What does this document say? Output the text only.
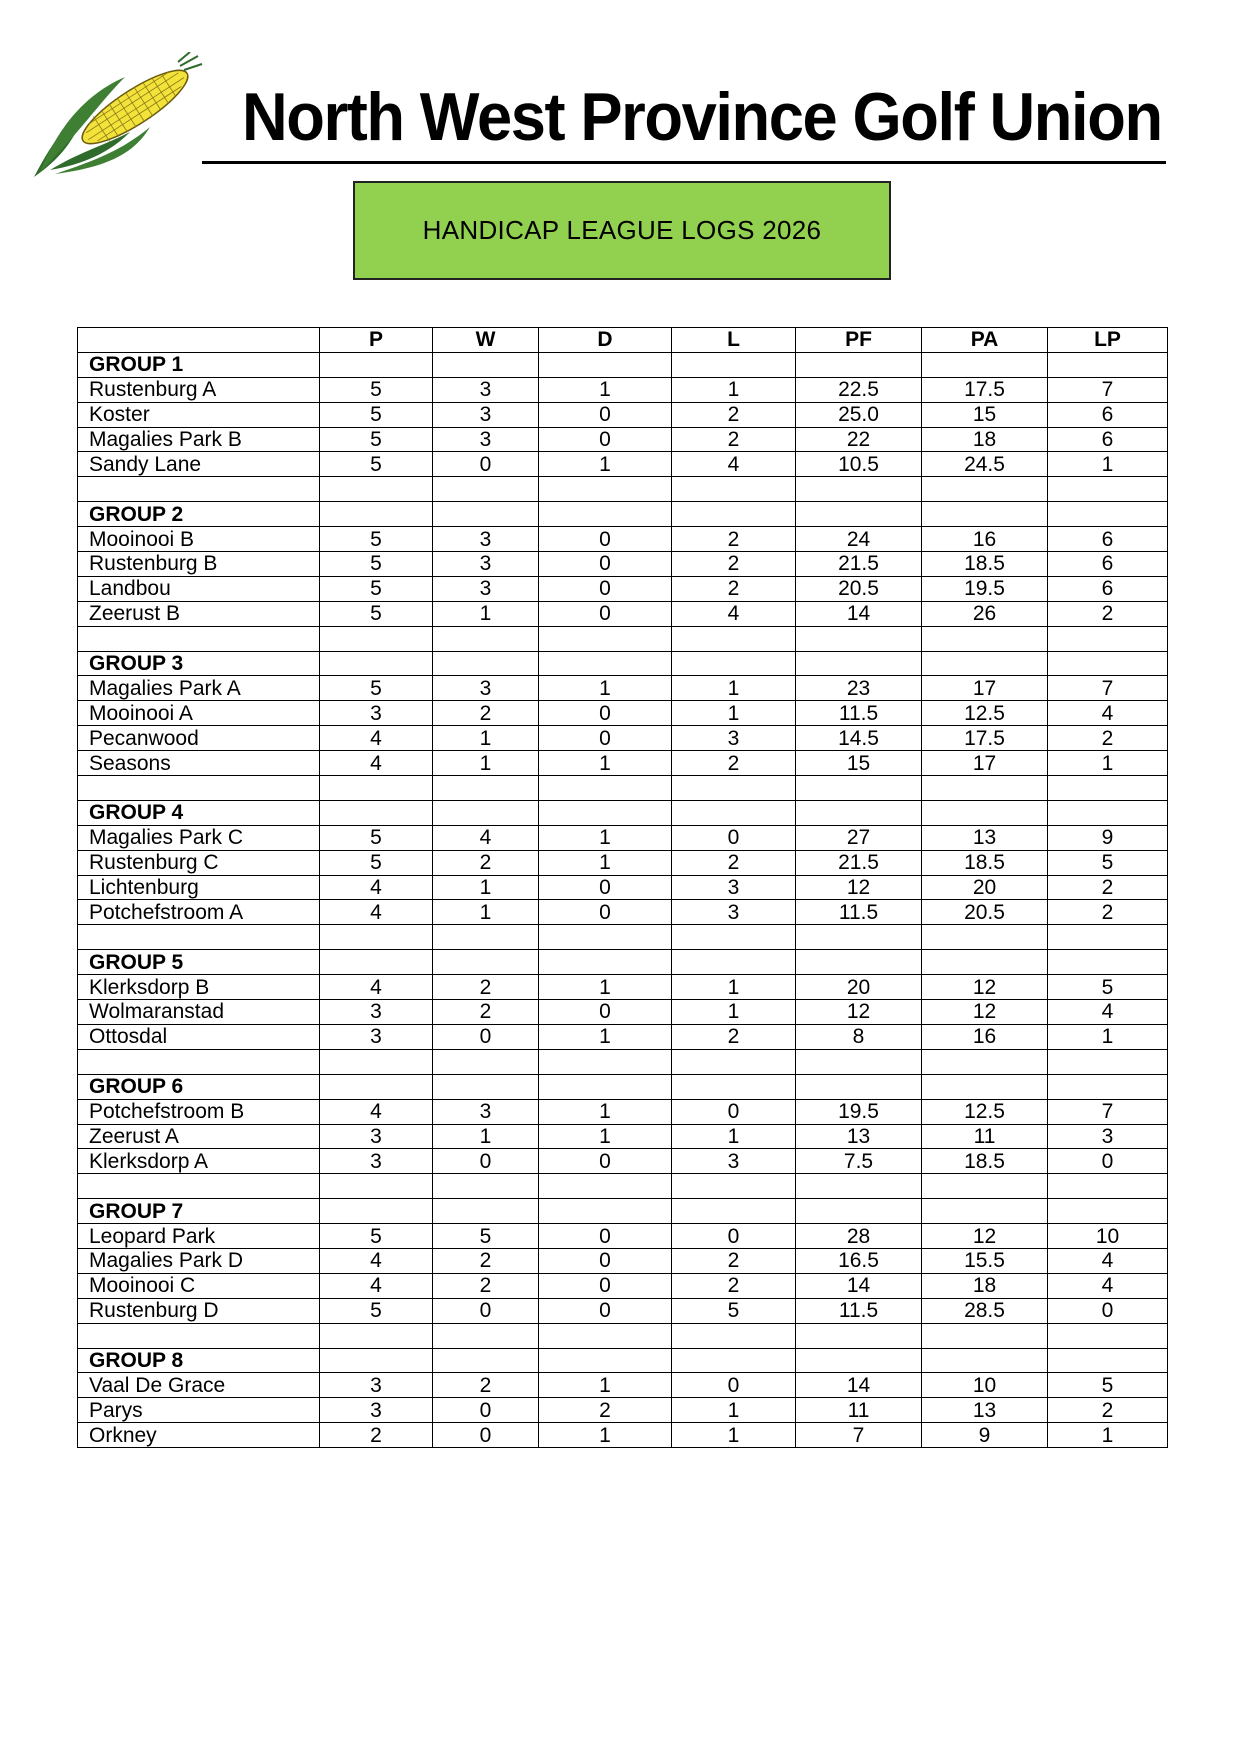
North West Province Golf Union
HANDICAP LEAGUE LOGS 2026
	P	W	D	L	PF	PA	LP
GROUP 1							
Rustenburg A	5	3	1	1	22.5	17.5	7
Koster	5	3	0	2	25.0	15	6
Magalies Park B	5	3	0	2	22	18	6
Sandy Lane	5	0	1	4	10.5	24.5	1

GROUP 2							
Mooinooi B	5	3	0	2	24	16	6
Rustenburg B	5	3	0	2	21.5	18.5	6
Landbou	5	3	0	2	20.5	19.5	6
Zeerust B	5	1	0	4	14	26	2

GROUP 3							
Magalies Park A	5	3	1	1	23	17	7
Mooinooi A	3	2	0	1	11.5	12.5	4
Pecanwood	4	1	0	3	14.5	17.5	2
Seasons	4	1	1	2	15	17	1

GROUP 4							
Magalies Park C	5	4	1	0	27	13	9
Rustenburg C	5	2	1	2	21.5	18.5	5
Lichtenburg	4	1	0	3	12	20	2
Potchefstroom A	4	1	0	3	11.5	20.5	2

GROUP 5							
Klerksdorp B	4	2	1	1	20	12	5
Wolmaranstad	3	2	0	1	12	12	4
Ottosdal	3	0	1	2	8	16	1

GROUP 6							
Potchefstroom B	4	3	1	0	19.5	12.5	7
Zeerust A	3	1	1	1	13	11	3
Klerksdorp A	3	0	0	3	7.5	18.5	0

GROUP 7							
Leopard Park	5	5	0	0	28	12	10
Magalies Park D	4	2	0	2	16.5	15.5	4
Mooinooi C	4	2	0	2	14	18	4
Rustenburg D	5	0	0	5	11.5	28.5	0

GROUP 8							
Vaal De Grace	3	2	1	0	14	10	5
Parys	3	0	2	1	11	13	2
Orkney	2	0	1	1	7	9	1
